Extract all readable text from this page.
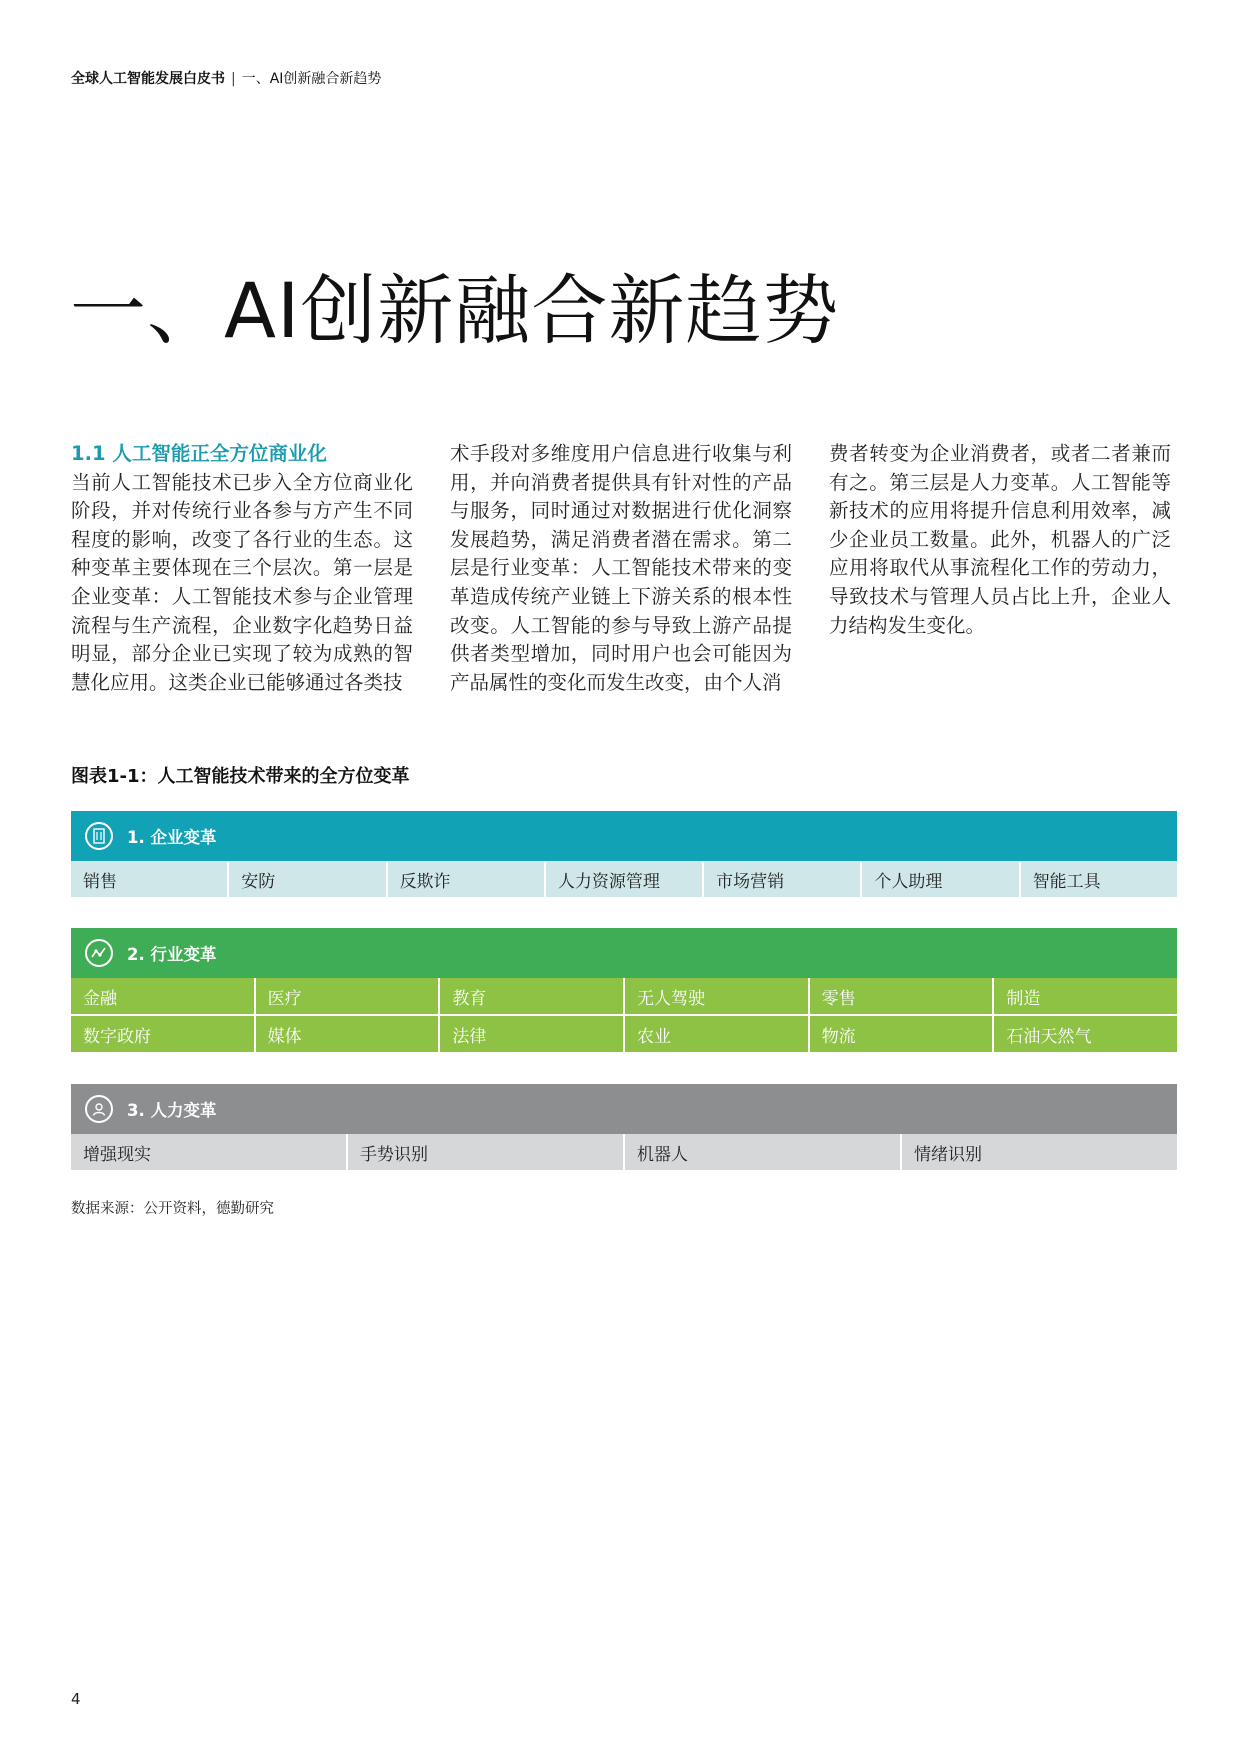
全球人工智能发展白皮书 | 一、AI创新融合新趋势
一、AI创新融合新趋势
1.1 人工智能正全方位商业化
当前人工智能技术已步入全方位商业化阶段，并对传统行业各参与方产生不同程度的影响，改变了各行业的生态。这种变革主要体现在三个层次。第一层是企业变革：人工智能技术参与企业管理流程与生产流程，企业数字化趋势日益明显，部分企业已实现了较为成熟的智慧化应用。这类企业已能够通过各类技
术手段对多维度用户信息进行收集与利用，并向消费者提供具有针对性的产品与服务，同时通过对数据进行优化洞察发展趋势，满足消费者潜在需求。第二层是行业变革：人工智能技术带来的变革造成传统产业链上下游关系的根本性改变。人工智能的参与导致上游产品提供者类型增加，同时用户也会可能因为产品属性的变化而发生改变，由个人消
费者转变为企业消费者，或者二者兼而有之。第三层是人力变革。人工智能等新技术的应用将提升信息利用效率，减少企业员工数量。此外，机器人的广泛应用将取代从事流程化工作的劳动力，导致技术与管理人员占比上升，企业人力结构发生变化。
图表1-1：人工智能技术带来的全方位变革
1. 企业变革
销售	安防	反欺诈	人力资源管理	市场营销	个人助理	智能工具
2. 行业变革
金融	医疗	教育	无人驾驶	零售	制造
数字政府	媒体	法律	农业	物流	石油天然气
3. 人力变革
增强现实	手势识别	机器人	情绪识别
数据来源：公开资料，德勤研究
4
